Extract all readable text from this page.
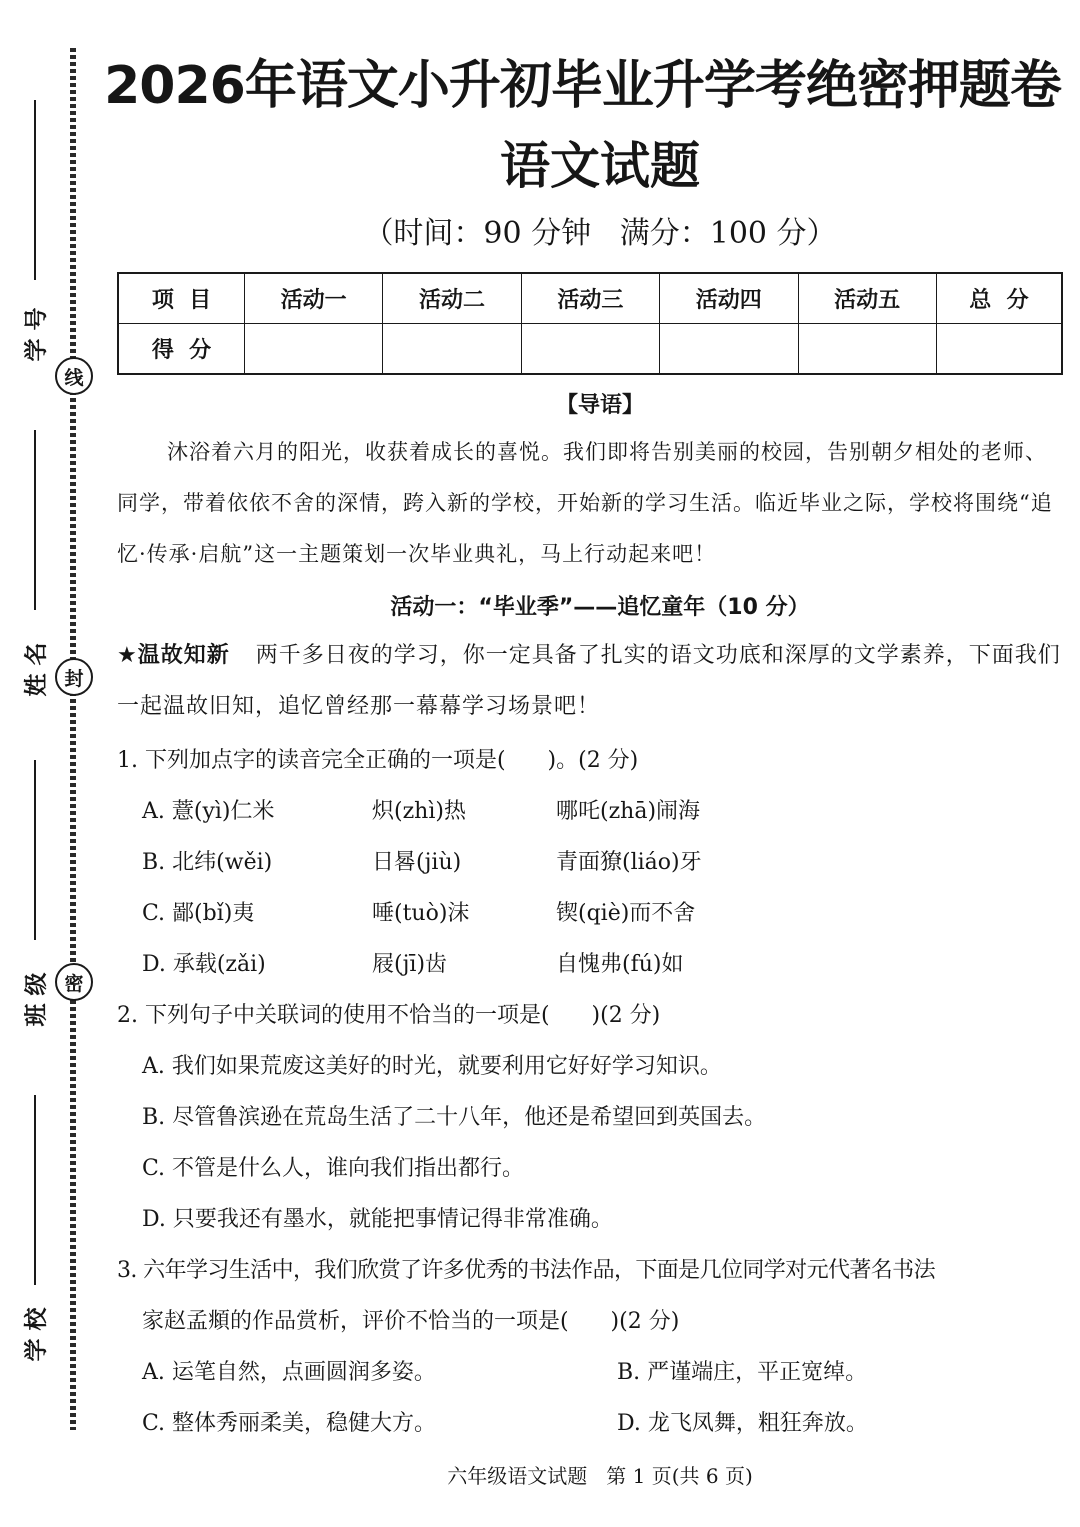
学 号
线
姓 名 封
班 级 密
学 校
2026年语文小升初毕业升学考绝密押题卷
语文试题
（时间：90 分钟   满分：100 分）
项  目	活动一	活动二	活动三	活动四	活动五	总  分
得  分						
【导语】
沐浴着六月的阳光，收获着成长的喜悦。我们即将告别美丽的校园，告别朝夕相处的老师、同学，带着依依不舍的深情，跨入新的学校，开始新的学习生活。临近毕业之际，学校将围绕“追忆·传承·启航”这一主题策划一次毕业典礼，马上行动起来吧！
活动一：“毕业季”——追忆童年（10 分）
★温故知新 两千多日夜的学习，你一定具备了扎实的语文功底和深厚的文学素养，下面我们一起温故旧知，追忆曾经那一幕幕学习场景吧！
1. 下列加点字的读音完全正确的一项是(      )。(2 分)
A. 薏(yì)仁米	炽(zhì)热	哪吒(zhā)闹海
B. 北纬(wěi)	日晷(jiù)	青面獠(liáo)牙
C. 鄙(bǐ)夷	唾(tuò)沫	锲(qiè)而不舍
D. 承载(zǎi)	屐(jī)齿	自愧弗(fú)如
2. 下列句子中关联词的使用不恰当的一项是(      )(2 分)
A. 我们如果荒废这美好的时光，就要利用它好好学习知识。
B. 尽管鲁滨逊在荒岛生活了二十八年，他还是希望回到英国去。
C. 不管是什么人，谁向我们指出都行。
D. 只要我还有墨水，就能把事情记得非常准确。
3. 六年学习生活中，我们欣赏了许多优秀的书法作品，下面是几位同学对元代著名书法
家赵孟頫的作品赏析，评价不恰当的一项是(      )(2 分)
A. 运笔自然，点画圆润多姿。	B. 严谨端庄，平正宽绰。
C. 整体秀丽柔美，稳健大方。	D. 龙飞凤舞，粗狂奔放。
六年级语文试题   第 1 页(共 6 页)
